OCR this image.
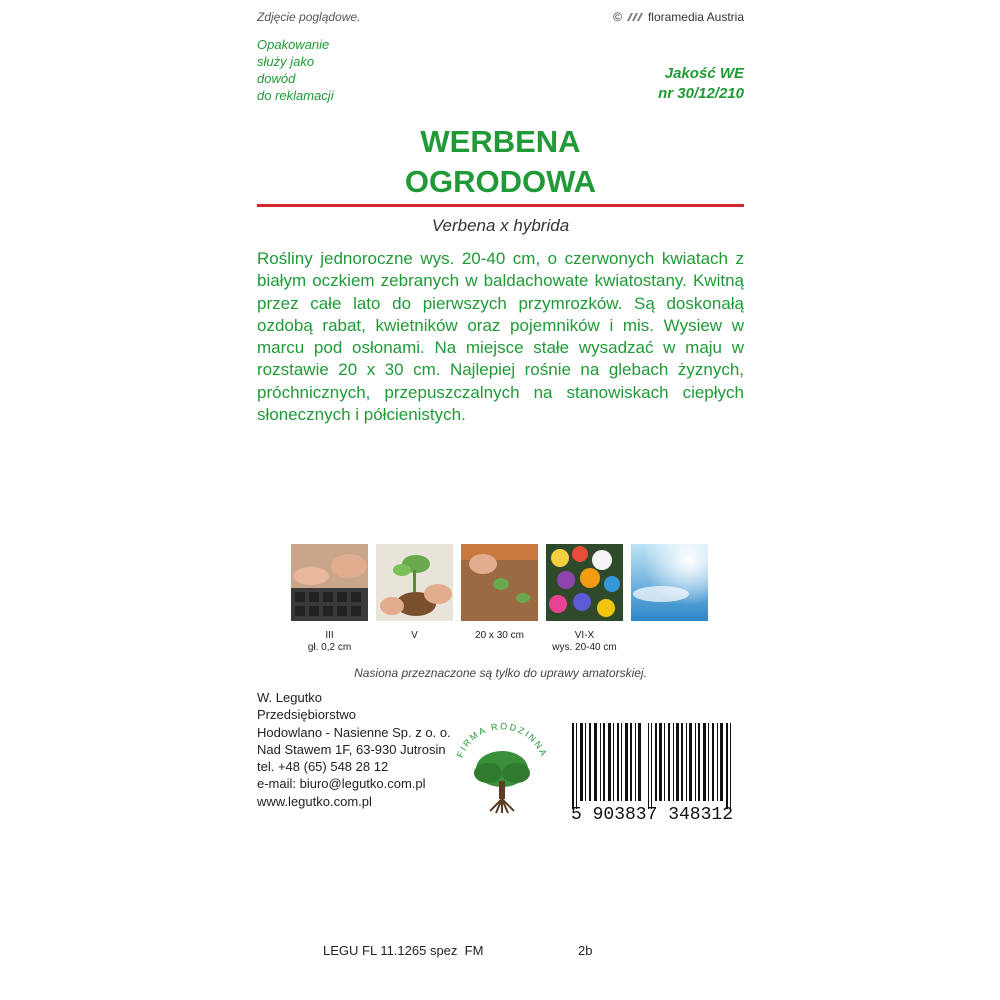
Zdjęcie poglądowe.	© floramedia Austria
Opakowanie
służy jako
dowód
do reklamacji
Jakość WE
nr 30/12/210
WERBENA
OGRODOWA
Verbena x hybrida
Rośliny jednoroczne wys. 20-40 cm, o czerwonych kwiatach z białym oczkiem zebranych w baldachowate kwiatostany. Kwitną przez całe lato do pierwszych przymrozków. Są doskonałą ozdobą rabat, kwietników oraz pojemników i mis. Wysiew w marcu pod osłonami. Na miejsce stałe wysadzać w maju w rozstawie 20 x 30 cm. Najlepiej rośnie na glebach żyznych, próchnicznych, przepuszczalnych na stanowiskach ciepłych słonecznych i półcienistych.
III
gł. 0,2 cm
V	20 x 30 cm	VI-X
wys. 20-40 cm
Nasiona przeznaczone są tylko do uprawy amatorskiej.
W. Legutko
Przedsiębiorstwo
Hodowlano - Nasienne Sp. z o. o.
Nad Stawem 1F, 63-930 Jutrosin
tel. +48 (65) 548 28 12
e-mail: biuro@legutko.com.pl
www.legutko.com.pl
FIRMA RODZINNA
5 903837 348312
LEGU FL 11.1265 spez  FM	2b
